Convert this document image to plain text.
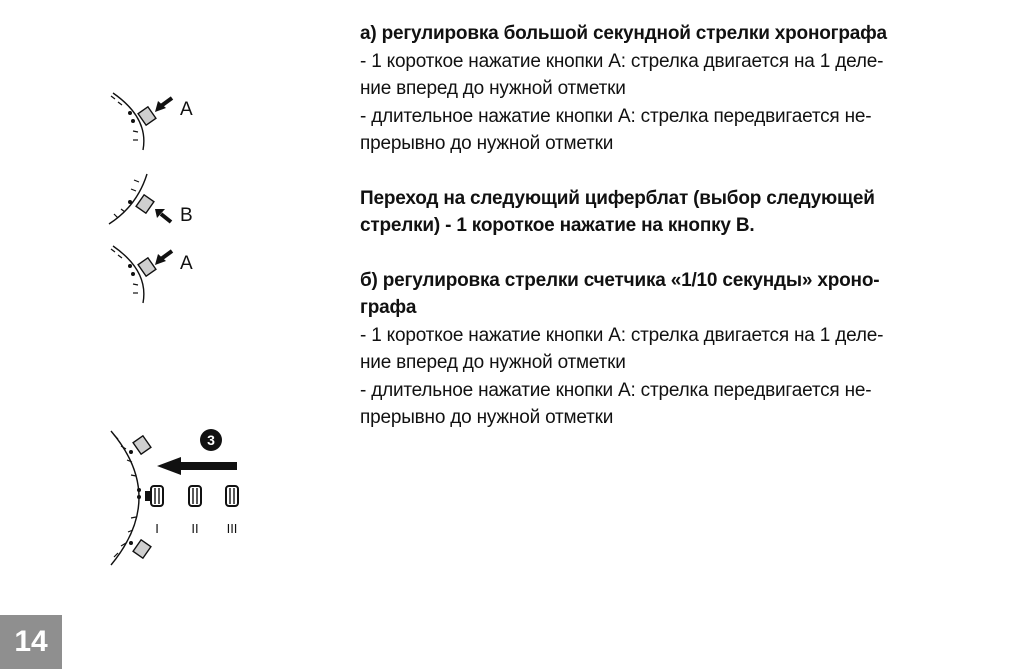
а) регулировка большой секундной стрелки хронографа

- 1 короткое нажатие кнопки А: стрелка двигается на 1 деле-

ние вперед до нужной отметки

- длительное нажатие кнопки А: стрелка передвигается не-

прерывно до нужной отметки

Переход на следующий циферблат (выбор следующей

стрелки) - 1 короткое нажатие на кнопку В.

б) регулировка стрелки счетчика «1/10 секунды» хроно-

графа

- 1 короткое нажатие кнопки А: стрелка двигается на 1 деле-

ние вперед до нужной отметки

- длительное нажатие кнопки А: стрелка передвигается не-

прерывно до нужной отметки

A
B
A
3
I	II III
14
